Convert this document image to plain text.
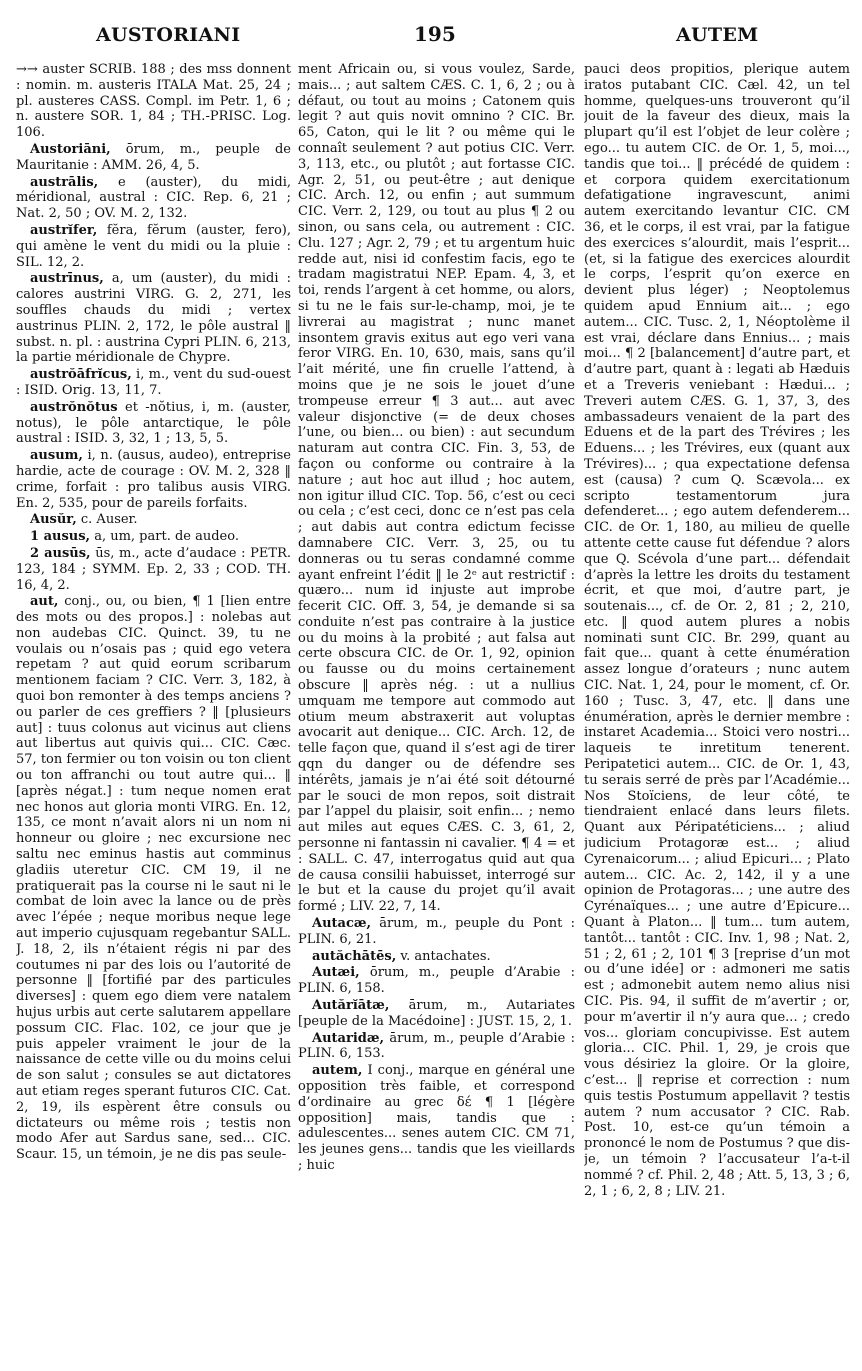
AUSTORIANI	195	AUTEM

→→ auster SCRIB. 188 ; des mss donnent : nomin. m. austeris ITALA Mat. 25, 24 ; pl. austeres CASS. Compl. im Petr. 1, 6 ; n. austere SOR. 1, 84 ; TH.-PRISC. Log. 106.

Austoriāni, ōrum, m., peuple de Mauritanie : AMM. 26, 4, 5.

austrālis, e (auster), du midi, méridional, austral : CIC. Rep. 6, 21 ; Nat. 2, 50 ; OV. M. 2, 132.

austrĭfer, fĕra, fĕrum (auster, fero), qui amène le vent du midi ou la pluie : SIL. 12, 2.

austrīnus, a, um (auster), du midi : calores austrini VIRG. G. 2, 271, les souffles chauds du midi ; vertex austrinus PLIN. 2, 172, le pôle austral ‖ subst. n. pl. : austrina Cypri PLIN. 6, 213, la partie méridionale de Chypre.

austrŏāfrĭcus, i, m., vent du sud-ouest : ISID. Orig. 13, 11, 7.

austrŏnŏtus et -nŏtius, i, m. (auster, notus), le pôle antarctique, le pôle austral : ISID. 3, 32, 1 ; 13, 5, 5.

ausum, i, n. (ausus, audeo), entreprise hardie, acte de courage : OV. M. 2, 328 ‖ crime, forfait : pro talibus ausis VIRG. En. 2, 535, pour de pareils forfaits.

Ausŭr, c. Auser.

1 ausus, a, um, part. de audeo.

2 ausūs, ūs, m., acte d’audace : PETR. 123, 184 ; SYMM. Ep. 2, 33 ; COD. TH. 16, 4, 2.

aut, conj., ou, ou bien, ¶ 1 [lien entre des mots ou des propos.] : nolebas aut non audebas CIC. Quinct. 39, tu ne voulais ou n’osais pas ; quid ego vetera repetam ? aut quid eorum scribarum mentionem faciam ? CIC. Verr. 3, 182, à quoi bon remonter à des temps anciens ? ou parler de ces greffiers ? ‖ [plusieurs aut] : tuus colonus aut vicinus aut cliens aut libertus aut quivis qui... CIC. Cæc. 57, ton fermier ou ton voisin ou ton client ou ton affranchi ou tout autre qui... ‖ [après négat.] : tum neque nomen erat nec honos aut gloria monti VIRG. En. 12, 135, ce mont n’avait alors ni un nom ni honneur ou gloire ; nec excursione nec saltu nec eminus hastis aut comminus gladiis uteretur CIC. CM 19, il ne pratiquerait pas la course ni le saut ni le combat de loin avec la lance ou de près avec l’épée ; neque moribus neque lege aut imperio cujusquam regebantur SALL. J. 18, 2, ils n’étaient régis ni par des coutumes ni par des lois ou l’autorité de personne ‖ [fortifié par des particules diverses] : quem ego diem vere natalem hujus urbis aut certe salutarem appellare possum CIC. Flac. 102, ce jour que je puis appeler vraiment le jour de la naissance de cette ville ou du moins celui de son salut ; consules se aut dictatores aut etiam reges sperant futuros CIC. Cat. 2, 19, ils espèrent être consuls ou dictateurs ou même rois ; testis non modo Afer aut Sardus sane, sed... CIC. Scaur. 15, un témoin, je ne dis pas seule-

ment Africain ou, si vous voulez, Sarde, mais... ; aut saltem CÆS. C. 1, 6, 2 ; ou à défaut, ou tout au moins ; Catonem quis legit ? aut quis novit omnino ? CIC. Br. 65, Caton, qui le lit ? ou même qui le connaît seulement ? aut potius CIC. Verr. 3, 113, etc., ou plutôt ; aut fortasse CIC. Agr. 2, 51, ou peut-être ; aut denique CIC. Arch. 12, ou enfin ; aut summum CIC. Verr. 2, 129, ou tout au plus ¶ 2 ou sinon, ou sans cela, ou autrement : CIC. Clu. 127 ; Agr. 2, 79 ; et tu argentum huic redde aut, nisi id confestim facis, ego te tradam magistratui NEP. Epam. 4, 3, et toi, rends l’argent à cet homme, ou alors, si tu ne le fais sur-le-champ, moi, je te livrerai au magistrat ; nunc manet insontem gravis exitus aut ego veri vana feror VIRG. En. 10, 630, mais, sans qu’il l’ait mérité, une fin cruelle l’attend, à moins que je ne sois le jouet d’une trompeuse erreur ¶ 3 aut... aut avec valeur disjonctive (= de deux choses l’une, ou bien... ou bien) : aut secundum naturam aut contra CIC. Fin. 3, 53, de façon ou conforme ou contraire à la nature ; aut hoc aut illud ; hoc autem, non igitur illud CIC. Top. 56, c’est ou ceci ou cela ; c’est ceci, donc ce n’est pas cela ; aut dabis aut contra edictum fecisse damnabere CIC. Verr. 3, 25, ou tu donneras ou tu seras condamné comme ayant enfreint l’édit ‖ le 2ᵉ aut restrictif : quæro... num id injuste aut improbe fecerit CIC. Off. 3, 54, je demande si sa conduite n’est pas contraire à la justice ou du moins à la probité ; aut falsa aut certe obscura CIC. de Or. 1, 92, opinion ou fausse ou du moins certainement obscure ‖ après nég. : ut a nullius umquam me tempore aut commodo aut otium meum abstraxerit aut voluptas avocarit aut denique... CIC. Arch. 12, de telle façon que, quand il s’est agi de tirer qqn du danger ou de défendre ses intérêts, jamais je n’ai été soit détourné par le souci de mon repos, soit distrait par l’appel du plaisir, soit enfin... ; nemo aut miles aut eques CÆS. C. 3, 61, 2, personne ni fantassin ni cavalier. ¶ 4 = et : SALL. C. 47, interrogatus quid aut qua de causa consilii habuisset, interrogé sur le but et la cause du projet qu’il avait formé ; LIV. 22, 7, 14.

Autacæ, ārum, m., peuple du Pont : PLIN. 6, 21.

autăchātēs, v. antachates.

Autæi, ōrum, m., peuple d’Arabie : PLIN. 6, 158.

Autărĭātæ, ārum, m., Autariates [peuple de la Macédoine] : JUST. 15, 2, 1.

Autaridæ, ārum, m., peuple d’Arabie : PLIN. 6, 153.

autem, I conj., marque en général une opposition très faible, et correspond d’ordinaire au grec δέ ¶ 1 [légère opposition] mais, tandis que : adulescentes... senes autem CIC. CM 71, les jeunes gens... tandis que les vieillards ; huic

pauci deos propitios, plerique autem iratos putabant CIC. Cæl. 42, un tel homme, quelques-uns trouveront qu’il jouit de la faveur des dieux, mais la plupart qu’il est l’objet de leur colère ; ego... tu autem CIC. de Or. 1, 5, moi..., tandis que toi... ‖ précédé de quidem : et corpora quidem exercitationum defatigatione ingravescunt, animi autem exercitando levantur CIC. CM 36, et le corps, il est vrai, par la fatigue des exercices s’alourdit, mais l’esprit... (et, si la fatigue des exercices alourdit le corps, l’esprit qu’on exerce en devient plus léger) ; Neoptolemus quidem apud Ennium ait... ; ego autem... CIC. Tusc. 2, 1, Néoptolème il est vrai, déclare dans Ennius... ; mais moi... ¶ 2 [balancement] d’autre part, et d’autre part, quant à : legati ab Hæduis et a Treveris veniebant : Hædui... ; Treveri autem CÆS. G. 1, 37, 3, des ambassadeurs venaient de la part des Eduens et de la part des Trévires ; les Eduens... ; les Trévires, eux (quant aux Trévires)... ; qua expectatione defensa est (causa) ? cum Q. Scævola... ex scripto testamentorum jura defenderet... ; ego autem defenderem... CIC. de Or. 1, 180, au milieu de quelle attente cette cause fut défendue ? alors que Q. Scévola d’une part... défendait d’après la lettre les droits du testament écrit, et que moi, d’autre part, je soutenais..., cf. de Or. 2, 81 ; 2, 210, etc. ‖ quod autem plures a nobis nominati sunt CIC. Br. 299, quant au fait que... quant à cette énumération assez longue d’orateurs ; nunc autem CIC. Nat. 1, 24, pour le moment, cf. Or. 160 ; Tusc. 3, 47, etc. ‖ dans une énumération, après le dernier membre : instaret Academia... Stoici vero nostri... laqueis te inretitum tenerent. Peripatetici autem... CIC. de Or. 1, 43, tu serais serré de près par l’Académie... Nos Stoïciens, de leur côté, te tiendraient enlacé dans leurs filets. Quant aux Péripatéticiens... ; aliud judicium Protagoræ est... ; aliud Cyrenaicorum... ; aliud Epicuri... ; Plato autem... CIC. Ac. 2, 142, il y a une opinion de Protagoras... ; une autre des Cyrénaïques... ; une autre d’Epicure... Quant à Platon... ‖ tum... tum autem, tantôt... tantôt : CIC. Inv. 1, 98 ; Nat. 2, 51 ; 2, 61 ; 2, 101 ¶ 3 [reprise d’un mot ou d’une idée] or : admoneri me satis est ; admonebit autem nemo alius nisi CIC. Pis. 94, il suffit de m’avertir ; or, pour m’avertir il n’y aura que... ; credo vos... gloriam concupivisse. Est autem gloria... CIC. Phil. 1, 29, je crois que vous désiriez la gloire. Or la gloire, c’est... ‖ reprise et correction : num quis testis Postumum appellavit ? testis autem ? num accusator ? CIC. Rab. Post. 10, est-ce qu’un témoin a prononcé le nom de Postumus ? que dis-je, un témoin ? l’accusateur l’a-t-il nommé ? cf. Phil. 2, 48 ; Att. 5, 13, 3 ; 6, 2, 1 ; 6, 2, 8 ; LIV. 21.
